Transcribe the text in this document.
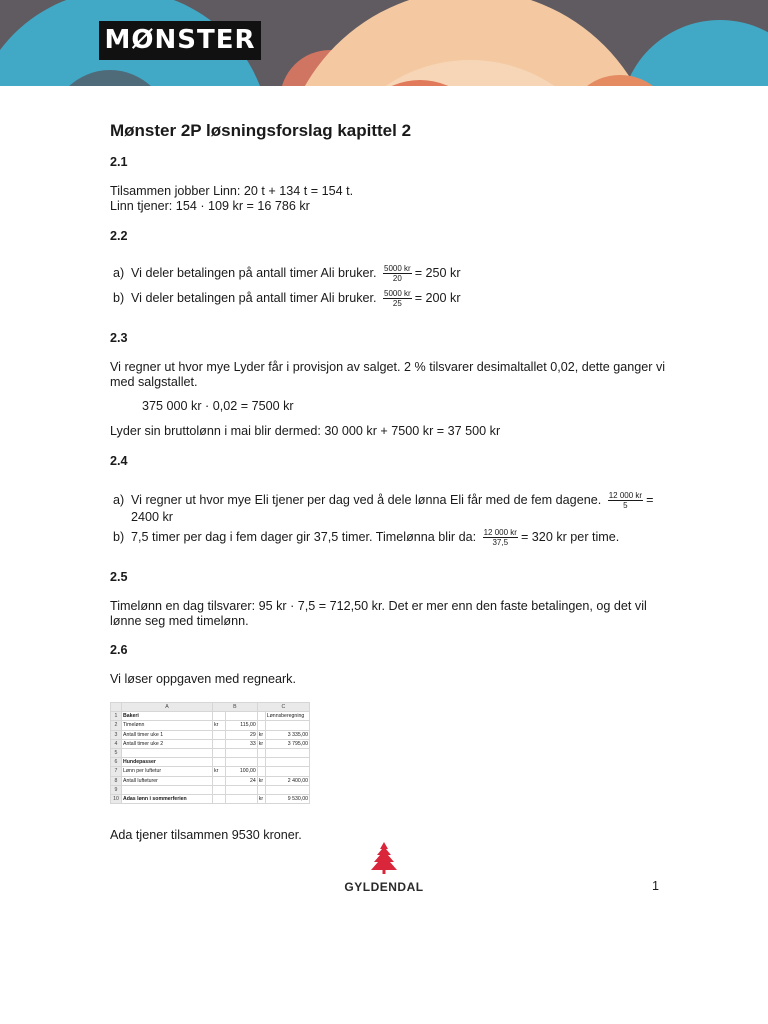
MØNSTER
Mønster 2P løsningsforslag kapittel 2
2.1
Tilsammen jobber Linn: 20 t + 134 t = 154 t.
Linn tjener: 154 · 109 kr = 16 786 kr
2.2
a) Vi deler betalingen på antall timer Ali bruker. $\frac{5000 kr}{20} = 250$ kr
b) Vi deler betalingen på antall timer Ali bruker. $\frac{5000 kr}{25} = 200$ kr
2.3
Vi regner ut hvor mye Lyder får i provisjon av salget. 2 % tilsvarer desimaltallet 0,02, dette ganger vi med salgstallet.
375 000 kr · 0,02 = 7500 kr
Lyder sin bruttolønn i mai blir dermed: 30 000 kr + 7500 kr = 37 500 kr
2.4
a) Vi regner ut hvor mye Eli tjener per dag ved å dele lønna Eli får med de fem dagene. $\frac{12 000 kr}{5}$ =
2400 kr
b) 7,5 timer per dag i fem dager gir 37,5 timer. Timelønna blir da: $\frac{12 000 kr}{37,5} = 320$ kr per time.
2.5
Timelønn en dag tilsvarer: 95 kr · 7,5 = 712,50 kr. Det er mer enn den faste betalingen, og det vil lønne seg med timelønn.
2.6
Vi løser oppgaven med regneark.
	A	B		C	
1	Bakeri				Lønnsberegning
2	Timelønn	kr	115,00		
3	Antall timer uke 1		29	kr	3 335,00
4	Antall timer uke 2		33	kr	3 795,00
5					
6	Hundepasser				
7	Lønn per luftetur	kr	100,00		
8	Antall lufteturer		24	kr	2 400,00
9					
10	Adas lønn i sommerferien			kr	9 530,00
Ada tjener tilsammen 9530 kroner.
GYLDENDAL	1
